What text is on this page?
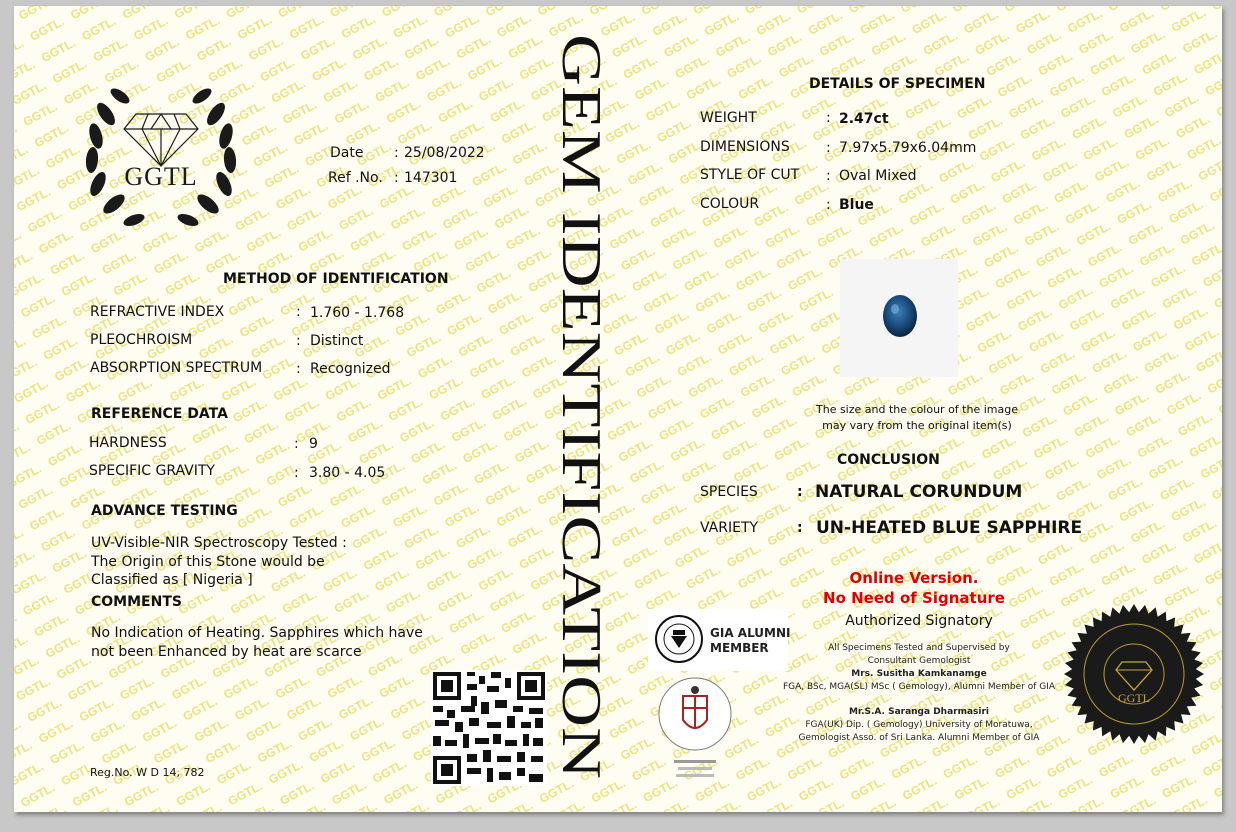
GGTL
Date : 25/08/2022
Ref .No. : 147301
METHOD OF IDENTIFICATION
REFRACTIVE INDEX	: 1.760 - 1.768
PLEOCHROISM	: Distinct
ABSORPTION SPECTRUM : Recognized
REFERENCE DATA
HARDNESS	: 9
SPECIFIC GRAVITY	: 3.80 - 4.05
ADVANCE TESTING
UV-Visible-NIR Spectroscopy Tested :
The Origin of this Stone would be
Classified as [ Nigeria ]
COMMENTS
No Indication of Heating. Sapphires which have
not been Enhanced by heat are scarce
Reg.No. W D 14, 782
GEM IDENTIFICATION	DETAILS OF SPECIMEN
WEIGHT	: 2.47ct
DIMENSIONS	: 7.97x5.79x6.04mm
STYLE OF CUT : Oval Mixed
COLOUR	: Blue
The size and the colour of the image
may vary from the original item(s)
CONCLUSION
SPECIES	: NATURAL CORUNDUM
VARIETY	: UN-HEATED BLUE SAPPHIRE
Online Version.
No Need of Signature
Authorized Signatory
All Specimens Tested and Supervised by
Consultant Gemologist
Mrs. Susitha Kamkanamge
FGA, BSc, MGA(SL) MSc ( Gemology), Alumni Member of GIA
Mr.S.A. Saranga Dharmasiri
FGA(UK) Dip. ( Gemology) University of Moratuwa,
Gemologist Asso. of Sri Lanka. Alumni Member of GIA
GIA ALUMNI
MEMBER
GGTL
